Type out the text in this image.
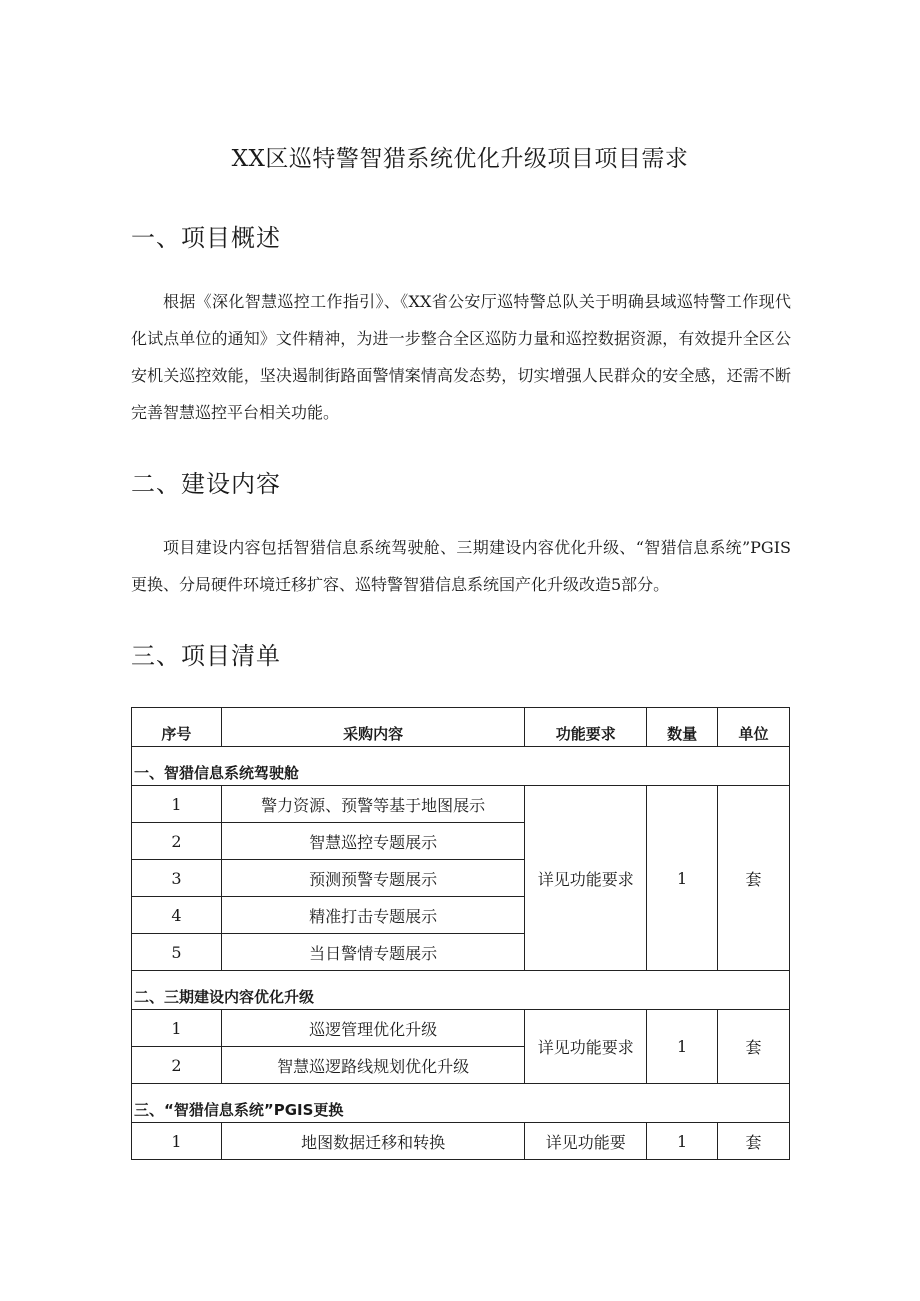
XX区巡特警智猎系统优化升级项目项目需求
一、项目概述

根据《深化智慧巡控工作指引》、《XX省公安厅巡特警总队关于明确县域巡特警工作现代化试点单位的通知》文件精神，为进一步整合全区巡防力量和巡控数据资源，有效提升全区公安机关巡控效能，坚决遏制街路面警情案情高发态势，切实增强人民群众的安全感，还需不断完善智慧巡控平台相关功能。

二、建设内容

项目建设内容包括智猎信息系统驾驶舱、三期建设内容优化升级、“智猎信息系统”PGIS更换、分局硬件环境迁移扩容、巡特警智猎信息系统国产化升级改造5部分。

三、项目清单
序号	采购内容	功能要求	数量	单位
一、智猎信息系统驾驶舱				
1	警力资源、预警等基于地图展示	详见功能要求	1	套
2	智慧巡控专题展示			
3	预测预警专题展示			
4	精准打击专题展示			
5	当日警情专题展示			
二、三期建设内容优化升级				
1	巡逻管理优化升级	详见功能要求	1	套
2	智慧巡逻路线规划优化升级			
三、“智猎信息系统”PGIS更换				
1	地图数据迁移和转换	详见功能要	1	套
